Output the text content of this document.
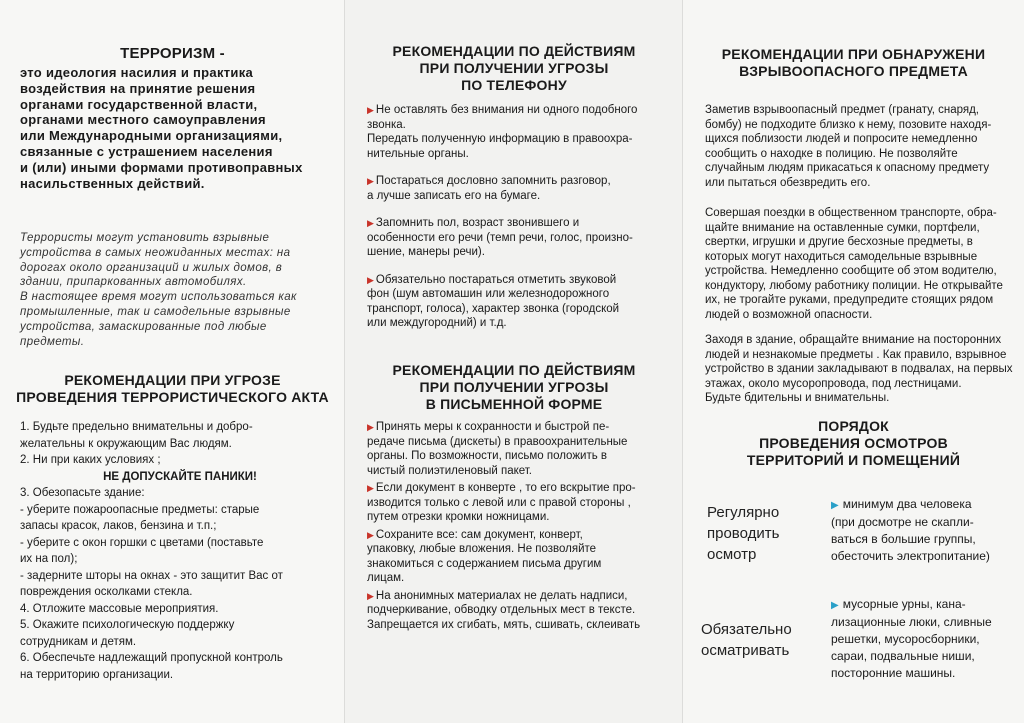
ТЕРРОРИЗМ -

это идеология насилия и практика
воздействия на принятие решения
органами государственной власти,
органами местного самоуправления
или Международными организациями,
связанные с устрашением населения
и (или) иными формами противоправных
насильственных действий.
Террористы могут установить взрывные
устройства в самых неожиданных местах: на
дорогах около организаций и жилых домов, в
здании, припаркованных автомобилях.
В настоящее время могут использоваться как
промышленные, так и самодельные взрывные
устройства, замаскированные под любые
предметы.

РЕКОМЕНДАЦИИ ПРИ УГРОЗЕ

ПРОВЕДЕНИЯ ТЕРРОРИСТИЧЕСКОГО АКТА

1. Будьте предельно внимательны и добро-
желательны к окружающим Вас людям.
2. Ни при каких условиях ;
НЕ ДОПУСКАЙТЕ ПАНИКИ!
3. Обезопасьте здание:
- уберите пожароопасные предметы: старые
запасы красок, лаков, бензина и т.п.;
- уберите с окон горшки с цветами (поставьте
их на пол);
- задерните шторы на окнах - это защитит Вас от
повреждения осколками стекла.
4. Отложите массовые мероприятия.
5. Окажите психологическую поддержку
сотрудникам и детям.
6. Обеспечьте надлежащий пропускной контроль
на территорию организации.

РЕКОМЕНДАЦИИ ПО ДЕЙСТВИЯМ

ПРИ ПОЛУЧЕНИИ УГРОЗЫ

ПО ТЕЛЕФОНУ

▶ Не оставлять без внимания ни одного подобного
звонка.
Передать полученную информацию в правоохра-
нительные органы.
▶ Постараться дословно запомнить разговор,
а лучше записать его на бумаге.
▶ Запомнить пол, возраст звонившего и
особенности его речи (темп речи, голос, произно-
шение, манеры речи).
▶ Обязательно постараться отметить звуковой
фон (шум автомашин или железнодорожного
транспорт, голоса), характер звонка (городской
или междугородний) и т.д.

РЕКОМЕНДАЦИИ ПО ДЕЙСТВИЯМ

ПРИ ПОЛУЧЕНИИ УГРОЗЫ

В ПИСЬМЕННОЙ ФОРМЕ

▶ Принять меры к сохранности и быстрой пе-
редаче письма (дискеты) в правоохранительные
органы. По возможности, письмо положить в
чистый полиэтиленовый пакет.
▶ Если документ в конверте , то его вскрытие про-
изводится только с левой или с правой стороны ,
путем отрезки кромки ножницами.
▶ Сохраните все: сам документ, конверт,
упаковку, любые вложения. Не позволяйте
знакомиться с содержанием письма другим
лицам.
▶ На анонимных материалах не делать надписи,
подчеркивание, обводку отдельных мест в тексте.
Запрещается их сгибать, мять, сшивать, склеивать

РЕКОМЕНДАЦИИ ПРИ ОБНАРУЖЕНИ

ВЗРЫВООПАСНОГО ПРЕДМЕТА

Заметив взрывоопасный предмет (гранату, снаряд,
бомбу) не подходите близко к нему, позовите находя-
щихся поблизости людей и попросите немедленно
сообщить о находке в полицию. Не позволяйте
случайным людям прикасаться к опасному предмету
или пытаться обезвредить его.
Совершая поездки в общественном транспорте, обра-
щайте внимание на оставленные сумки, портфели,
свертки, игрушки и другие бесхозные предметы, в
которых могут находиться самодельные взрывные
устройства. Немедленно сообщите об этом водителю,
кондуктору, любому работнику полиции. Не открывайте
их, не трогайте руками, предупредите стоящих рядом
людей о возможной опасности.
Заходя в здание, обращайте внимание на посторонних
людей и незнакомые предметы . Как правило, взрывное
устройство в здании закладывают в подвалах, на первых
этажах, около мусоропровода, под лестницами.
Будьте бдительны и внимательны.

ПОРЯДОК

ПРОВЕДЕНИЯ ОСМОТРОВ

ТЕРРИТОРИЙ И ПОМЕЩЕНИЙ

Регулярно
проводить
осмотр
▶ минимум два человека
(при досмотре не скапли-
ваться в большие группы,
обесточить электропитание)
Обязательно
осматривать
▶ мусорные урны, кана-
лизационные люки, сливные
решетки, мусоросборники,
сараи, подвальные ниши,
посторонние машины.
